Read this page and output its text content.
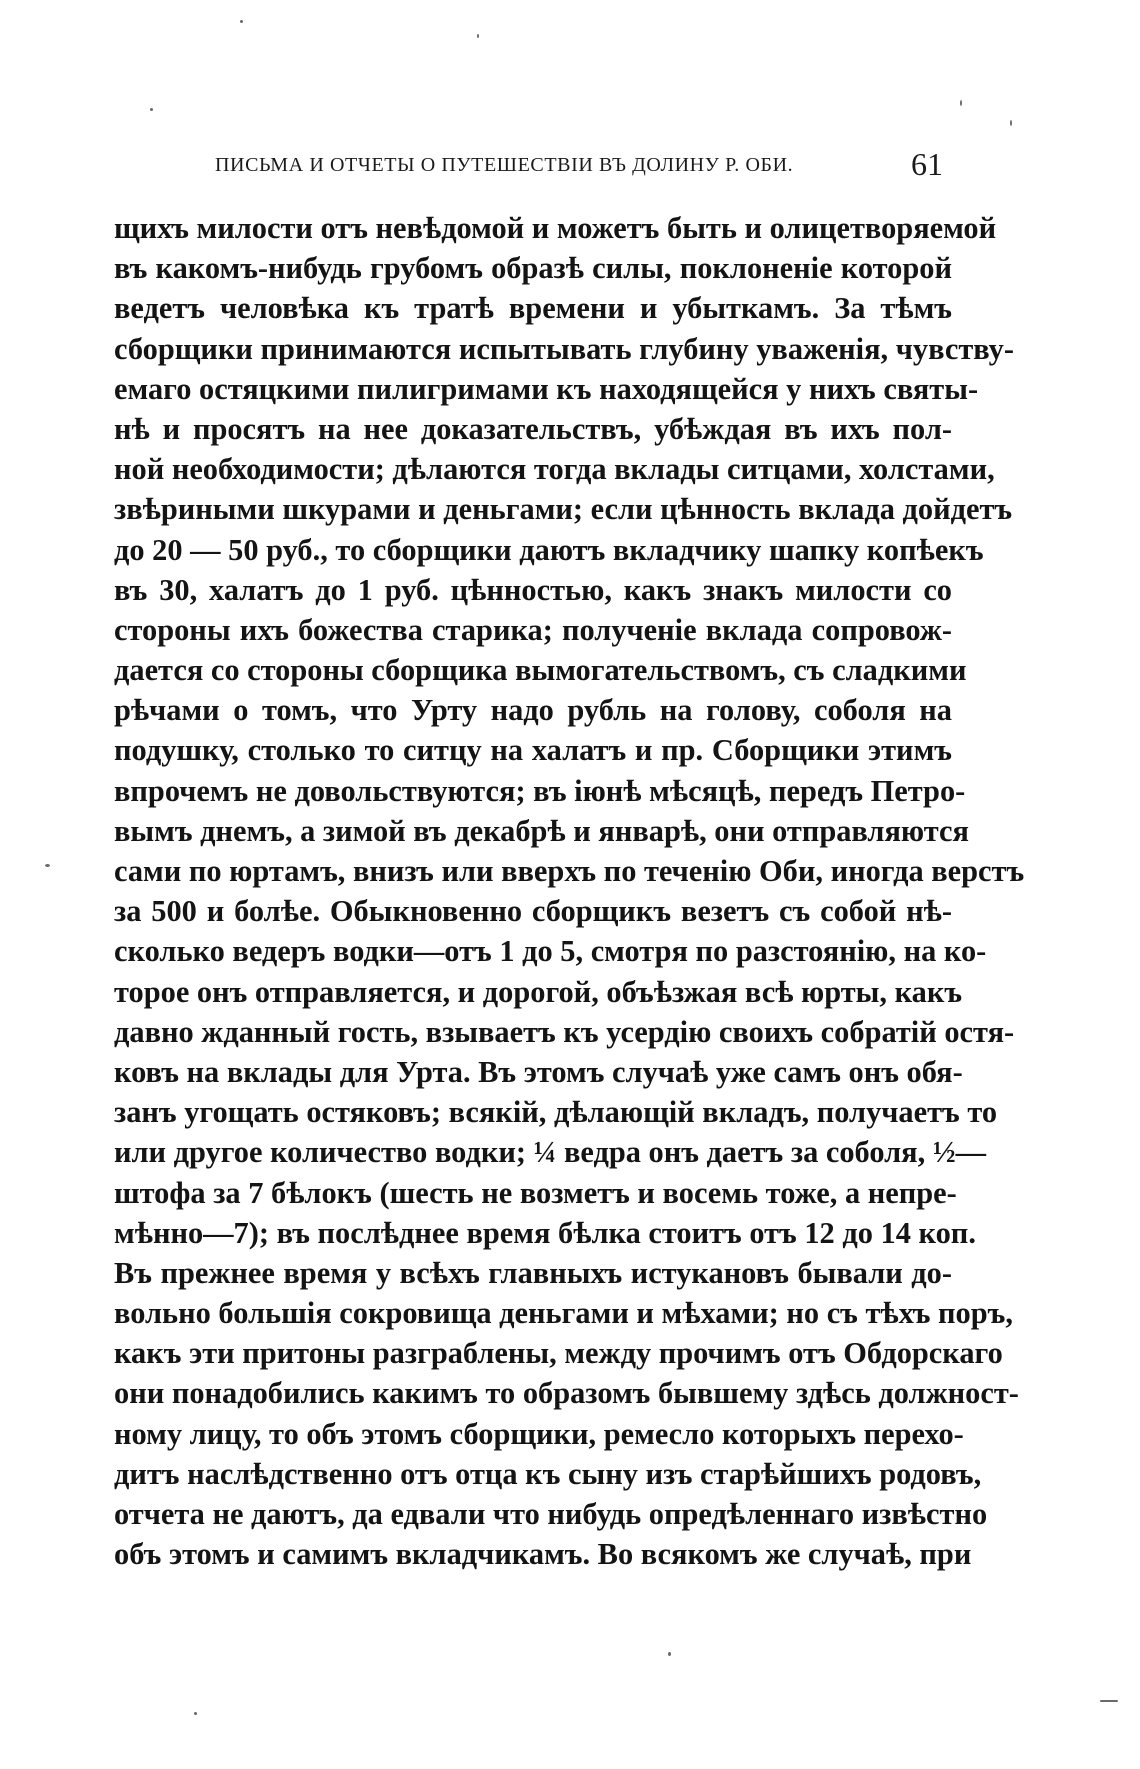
ПИСЬМА И ОТЧЕТЫ О ПУТЕШЕСТВІИ ВЪ ДОЛИНУ Р. ОБИ.	61
щихъ милости отъ невѣдомой и можетъ быть и олицетворяемой
въ какомъ-нибудь грубомъ образѣ силы, поклоненіе которой
ведетъ человѣка къ тратѣ времени и убыткамъ. За тѣмъ
сборщики принимаются испытывать глубину уваженія, чувству-
емаго остяцкими пилигримами къ находящейся у нихъ святы-
нѣ и просятъ на нее доказательствъ, убѣждая въ ихъ пол-
ной необходимости; дѣлаются тогда вклады ситцами, холстами,
звѣриными шкурами и деньгами; если цѣнность вклада дойдетъ
до 20 — 50 руб., то сборщики даютъ вкладчику шапку копѣекъ
въ 30, халатъ до 1 руб. цѣнностью, какъ знакъ милости со
стороны ихъ божества старика; полученіе вклада сопровож-
дается со стороны сборщика вымогательствомъ, съ сладкими
рѣчами о томъ, что Урту надо рубль на голову, соболя на
подушку, столько то ситцу на халатъ и пр. Сборщики этимъ
впрочемъ не довольствуются; въ іюнѣ мѣсяцѣ, передъ Петро-
вымъ днемъ, а зимой въ декабрѣ и январѣ, они отправляются
сами по юртамъ, внизъ или вверхъ по теченію Оби, иногда верстъ
за 500 и болѣе. Обыкновенно сборщикъ везетъ съ собой нѣ-
сколько ведеръ водки—отъ 1 до 5, смотря по разстоянію, на ко-
торое онъ отправляется, и дорогой, объѣзжая всѣ юрты, какъ
давно жданный гость, взываетъ къ усердію своихъ собратій остя-
ковъ на вклады для Урта. Въ этомъ случаѣ уже самъ онъ обя-
занъ угощать остяковъ; всякій, дѣлающій вкладъ, получаетъ то
или другое количество водки; ¼ ведра онъ даетъ за соболя, ½—
штофа за 7 бѣлокъ (шесть не возметъ и восемь тоже, а непре-
мѣнно—7); въ послѣднее время бѣлка стоитъ отъ 12 до 14 коп.
Въ прежнее время у всѣхъ главныхъ истукановъ бывали до-
вольно большія сокровища деньгами и мѣхами; но съ тѣхъ поръ,
какъ эти притоны разграблены, между прочимъ отъ Обдорскаго
они понадобились какимъ то образомъ бывшему здѣсь должност-
ному лицу, то объ этомъ сборщики, ремесло которыхъ перехо-
дитъ наслѣдственно отъ отца къ сыну изъ старѣйшихъ родовъ,
отчета не даютъ, да едвали что нибудь опредѣленнаго извѣстно
объ этомъ и самимъ вкладчикамъ. Во всякомъ же случаѣ, при
